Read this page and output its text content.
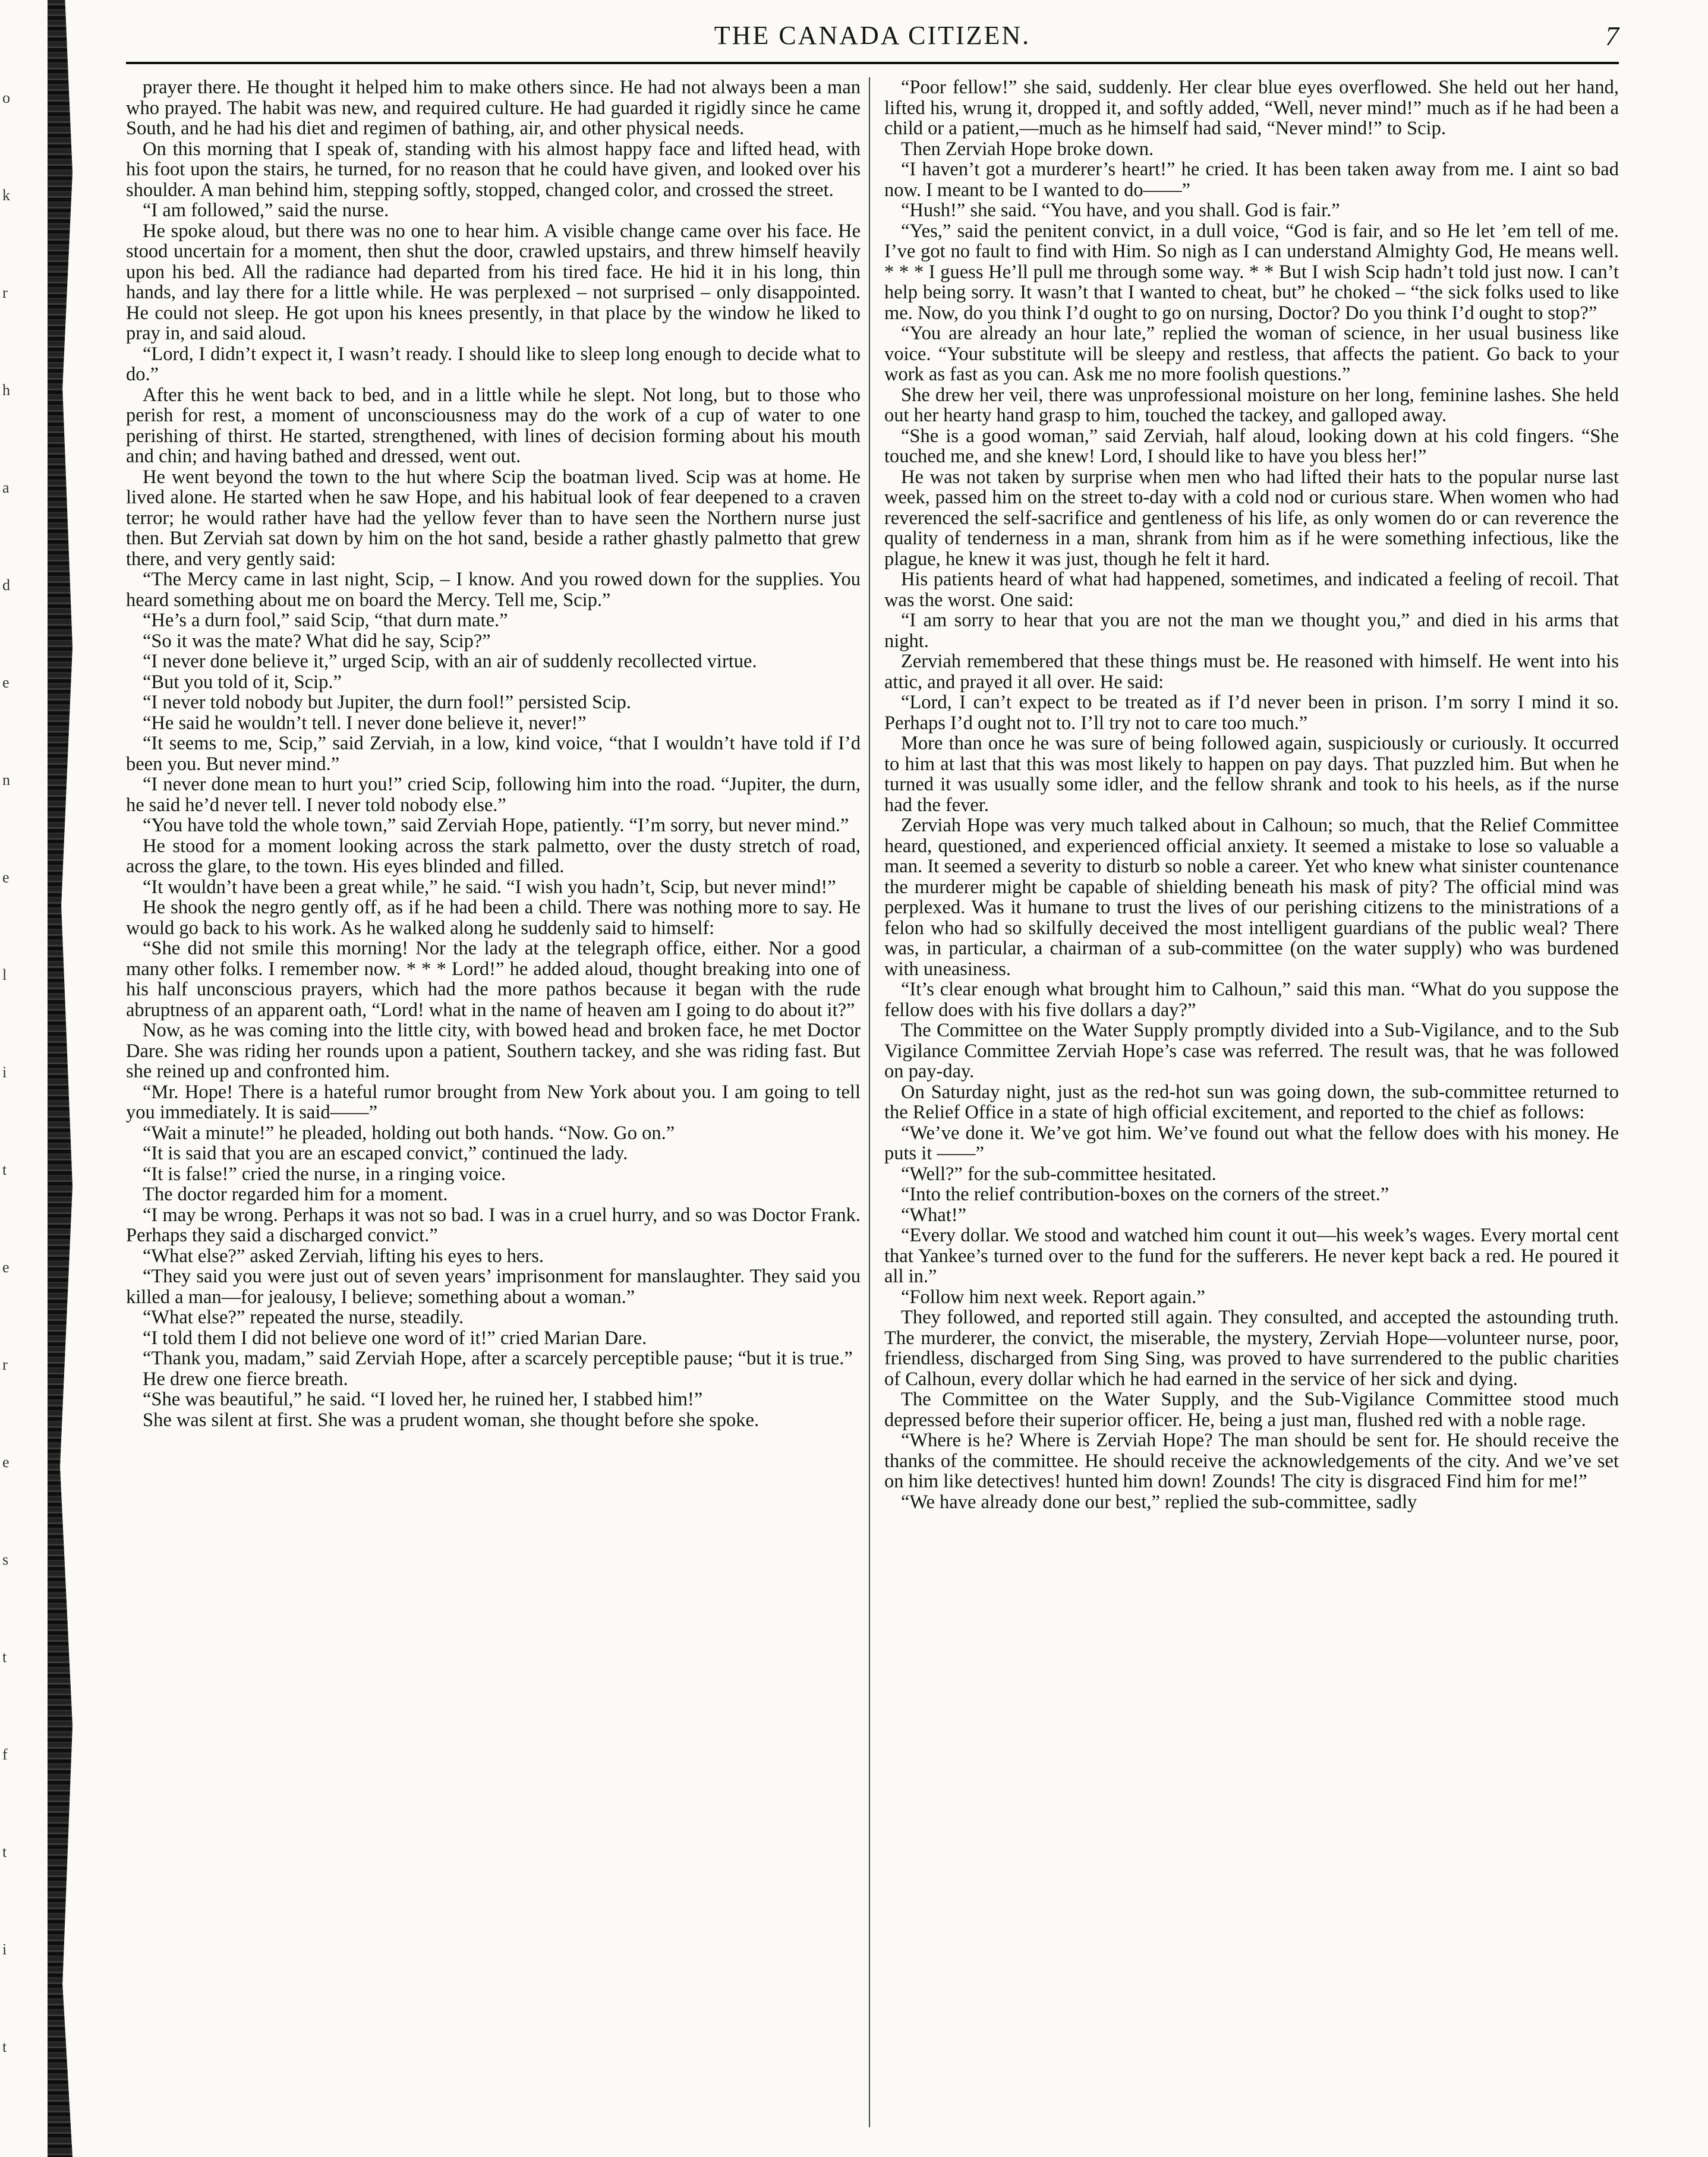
o
k
r
h
a
d
e
n
e
l
i
t
e
r
e
s
t
f
t
i
t
THE CANADA CITIZEN.	7

prayer there. He thought it helped him to make others since. He had not always been a man who prayed. The habit was new, and required culture. He had guarded it rigidly since he came South, and he had his diet and regimen of bathing, air, and other physical needs.

On this morning that I speak of, standing with his almost happy face and lifted head, with his foot upon the stairs, he turned, for no reason that he could have given, and looked over his shoulder. A man behind him, stepping softly, stopped, changed color, and crossed the street.

“I am followed,” said the nurse.

He spoke aloud, but there was no one to hear him. A visible change came over his face. He stood uncertain for a moment, then shut the door, crawled upstairs, and threw himself heavily upon his bed. All the radiance had departed from his tired face. He hid it in his long, thin hands, and lay there for a little while. He was perplexed – not surprised – only disappointed. He could not sleep. He got upon his knees presently, in that place by the window he liked to pray in, and said aloud.

“Lord, I didn’t expect it, I wasn’t ready. I should like to sleep long enough to decide what to do.”

After this he went back to bed, and in a little while he slept. Not long, but to those who perish for rest, a moment of unconsciousness may do the work of a cup of water to one perishing of thirst. He started, strengthened, with lines of decision forming about his mouth and chin; and having bathed and dressed, went out.

He went beyond the town to the hut where Scip the boatman lived. Scip was at home. He lived alone. He started when he saw Hope, and his habitual look of fear deepened to a craven terror; he would rather have had the yellow fever than to have seen the Northern nurse just then. But Zerviah sat down by him on the hot sand, beside a rather ghastly palmetto that grew there, and very gently said:

“The Mercy came in last night, Scip, – I know. And you rowed down for the supplies. You heard something about me on board the Mercy. Tell me, Scip.”

“He’s a durn fool,” said Scip, “that durn mate.”

“So it was the mate? What did he say, Scip?”

“I never done believe it,” urged Scip, with an air of suddenly recollected virtue.

“But you told of it, Scip.”

“I never told nobody but Jupiter, the durn fool!” persisted Scip.

“He said he wouldn’t tell. I never done believe it, never!”

“It seems to me, Scip,” said Zerviah, in a low, kind voice, “that I wouldn’t have told if I’d been you. But never mind.”

“I never done mean to hurt you!” cried Scip, following him into the road. “Jupiter, the durn, he said he’d never tell. I never told nobody else.”

“You have told the whole town,” said Zerviah Hope, patiently. “I’m sorry, but never mind.”

He stood for a moment looking across the stark palmetto, over the dusty stretch of road, across the glare, to the town. His eyes blinded and filled.

“It wouldn’t have been a great while,” he said. “I wish you hadn’t, Scip, but never mind!”

He shook the negro gently off, as if he had been a child. There was nothing more to say. He would go back to his work. As he walked along he suddenly said to himself:

“She did not smile this morning! Nor the lady at the telegraph office, either. Nor a good many other folks. I remember now. * * * Lord!” he added aloud, thought breaking into one of his half unconscious prayers, which had the more pathos because it began with the rude abruptness of an apparent oath, “Lord! what in the name of heaven am I going to do about it?”

Now, as he was coming into the little city, with bowed head and broken face, he met Doctor Dare. She was riding her rounds upon a patient, Southern tackey, and she was riding fast. But she reined up and confronted him.

“Mr. Hope! There is a hateful rumor brought from New York about you. I am going to tell you immediately. It is said——”

“Wait a minute!” he pleaded, holding out both hands. “Now. Go on.”

“It is said that you are an escaped convict,” continued the lady.

“It is false!” cried the nurse, in a ringing voice.

The doctor regarded him for a moment.

“I may be wrong. Perhaps it was not so bad. I was in a cruel hurry, and so was Doctor Frank. Perhaps they said a discharged convict.”

“What else?” asked Zerviah, lifting his eyes to hers.

“They said you were just out of seven years’ imprisonment for manslaughter. They said you killed a man—for jealousy, I believe; something about a woman.”

“What else?” repeated the nurse, steadily.

“I told them I did not believe one word of it!” cried Marian Dare.

“Thank you, madam,” said Zerviah Hope, after a scarcely perceptible pause; “but it is true.”

He drew one fierce breath.

“She was beautiful,” he said. “I loved her, he ruined her, I stabbed him!”

She was silent at first. She was a prudent woman, she thought before she spoke.

“Poor fellow!” she said, suddenly. Her clear blue eyes overflowed. She held out her hand, lifted his, wrung it, dropped it, and softly added, “Well, never mind!” much as if he had been a child or a patient,—much as he himself had said, “Never mind!” to Scip.

Then Zerviah Hope broke down.

“I haven’t got a murderer’s heart!” he cried. It has been taken away from me. I aint so bad now. I meant to be I wanted to do——”

“Hush!” she said. “You have, and you shall. God is fair.”

“Yes,” said the penitent convict, in a dull voice, “God is fair, and so He let ’em tell of me. I’ve got no fault to find with Him. So nigh as I can understand Almighty God, He means well. * * * I guess He’ll pull me through some way. * * But I wish Scip hadn’t told just now. I can’t help being sorry. It wasn’t that I wanted to cheat, but” he choked – “the sick folks used to like me. Now, do you think I’d ought to go on nursing, Doctor? Do you think I’d ought to stop?”

“You are already an hour late,” replied the woman of science, in her usual business like voice. “Your substitute will be sleepy and restless, that affects the patient. Go back to your work as fast as you can. Ask me no more foolish questions.”

She drew her veil, there was unprofessional moisture on her long, feminine lashes. She held out her hearty hand grasp to him, touched the tackey, and galloped away.

“She is a good woman,” said Zerviah, half aloud, looking down at his cold fingers. “She touched me, and she knew! Lord, I should like to have you bless her!”

He was not taken by surprise when men who had lifted their hats to the popular nurse last week, passed him on the street to-day with a cold nod or curious stare. When women who had reverenced the self-sacrifice and gentleness of his life, as only women do or can reverence the quality of tenderness in a man, shrank from him as if he were something infectious, like the plague, he knew it was just, though he felt it hard.

His patients heard of what had happened, sometimes, and indicated a feeling of recoil. That was the worst. One said:

“I am sorry to hear that you are not the man we thought you,” and died in his arms that night.

Zerviah remembered that these things must be. He reasoned with himself. He went into his attic, and prayed it all over. He said:

“Lord, I can’t expect to be treated as if I’d never been in prison. I’m sorry I mind it so. Perhaps I’d ought not to. I’ll try not to care too much.”

More than once he was sure of being followed again, suspiciously or curiously. It occurred to him at last that this was most likely to happen on pay days. That puzzled him. But when he turned it was usually some idler, and the fellow shrank and took to his heels, as if the nurse had the fever.

Zerviah Hope was very much talked about in Calhoun; so much, that the Relief Committee heard, questioned, and experienced official anxiety. It seemed a mistake to lose so valuable a man. It seemed a severity to disturb so noble a career. Yet who knew what sinister countenance the murderer might be capable of shielding beneath his mask of pity? The official mind was perplexed. Was it humane to trust the lives of our perishing citizens to the ministrations of a felon who had so skilfully deceived the most intelligent guardians of the public weal? There was, in particular, a chairman of a sub-committee (on the water supply) who was burdened with uneasiness.

“It’s clear enough what brought him to Calhoun,” said this man. “What do you suppose the fellow does with his five dollars a day?”

The Committee on the Water Supply promptly divided into a Sub-Vigilance, and to the Sub Vigilance Committee Zerviah Hope’s case was referred. The result was, that he was followed on pay-day.

On Saturday night, just as the red-hot sun was going down, the sub-committee returned to the Relief Office in a state of high official excitement, and reported to the chief as follows:

“We’ve done it. We’ve got him. We’ve found out what the fellow does with his money. He puts it ——”

“Well?” for the sub-committee hesitated.

“Into the relief contribution-boxes on the corners of the street.”

“What!”

“Every dollar. We stood and watched him count it out—his week’s wages. Every mortal cent that Yankee’s turned over to the fund for the sufferers. He never kept back a red. He poured it all in.”

“Follow him next week. Report again.”

They followed, and reported still again. They consulted, and accepted the astounding truth. The murderer, the convict, the miserable, the mystery, Zerviah Hope—volunteer nurse, poor, friendless, discharged from Sing Sing, was proved to have surrendered to the public charities of Calhoun, every dollar which he had earned in the service of her sick and dying.

The Committee on the Water Supply, and the Sub-Vigilance Committee stood much depressed before their superior officer. He, being a just man, flushed red with a noble rage.

“Where is he? Where is Zerviah Hope? The man should be sent for. He should receive the thanks of the committee. He should receive the acknowledgements of the city. And we’ve set on him like detectives! hunted him down! Zounds! The city is disgraced Find him for me!”

“We have already done our best,” replied the sub-committee, sadly
